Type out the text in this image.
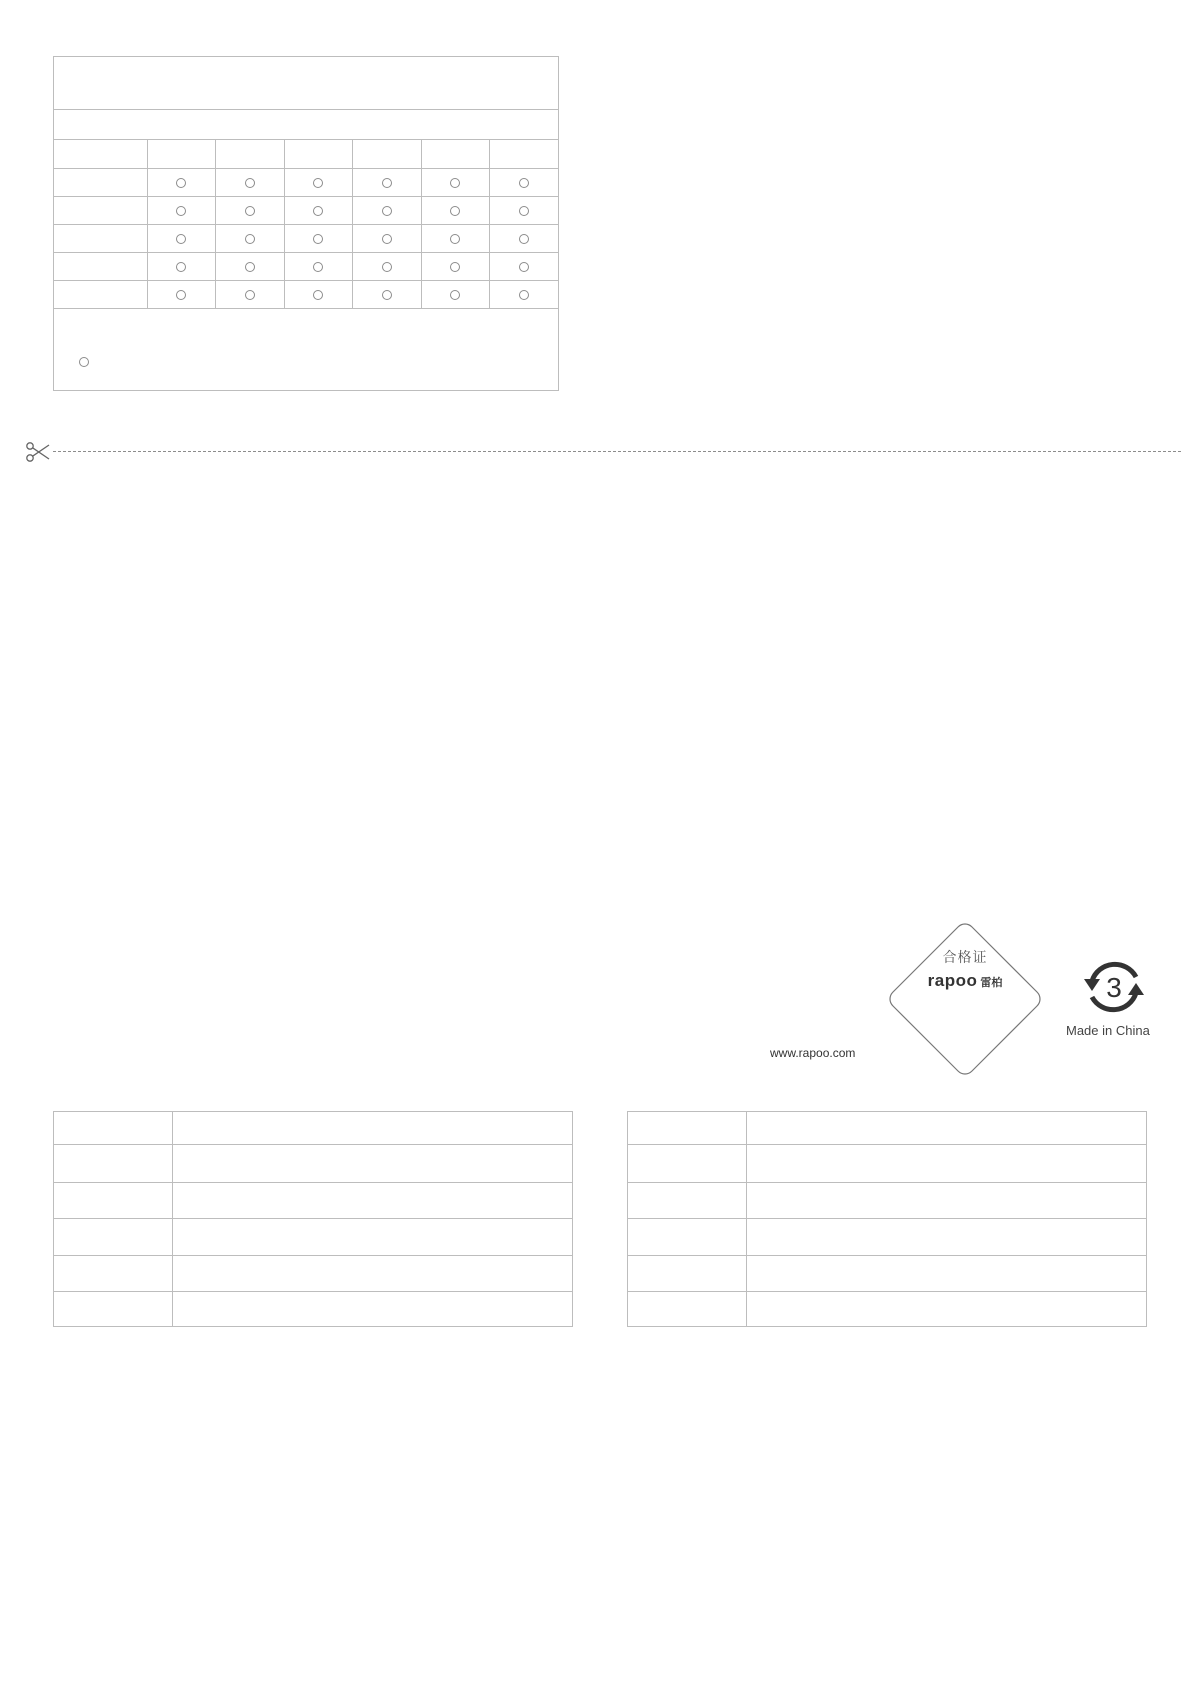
www.rapoo.com
合格证
rapoo 雷柏	3
Made in China
